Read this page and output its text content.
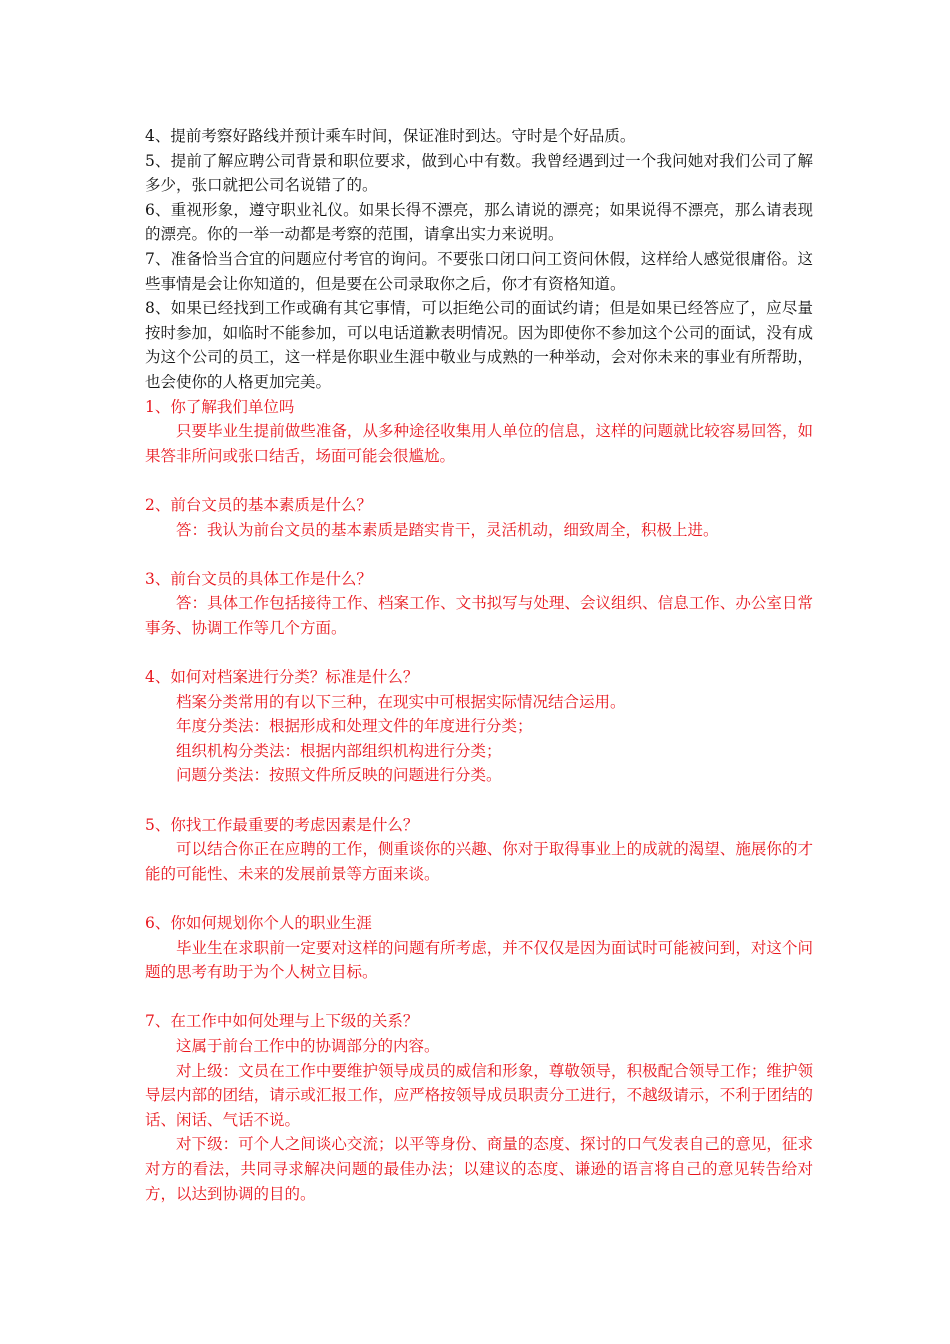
4、提前考察好路线并预计乘车时间，保证准时到达。守时是个好品质。

5、提前了解应聘公司背景和职位要求，做到心中有数。我曾经遇到过一个我问她对我们公司了解多少，张口就把公司名说错了的。

6、重视形象，遵守职业礼仪。如果长得不漂亮，那么请说的漂亮；如果说得不漂亮，那么请表现的漂亮。你的一举一动都是考察的范围，请拿出实力来说明。

7、准备恰当合宜的问题应付考官的询问。不要张口闭口问工资问休假，这样给人感觉很庸俗。这些事情是会让你知道的，但是要在公司录取你之后，你才有资格知道。

8、如果已经找到工作或确有其它事情，可以拒绝公司的面试约请；但是如果已经答应了，应尽量按时参加，如临时不能参加，可以电话道歉表明情况。因为即使你不参加这个公司的面试，没有成为这个公司的员工，这一样是你职业生涯中敬业与成熟的一种举动，会对你未来的事业有所帮助，也会使你的人格更加完美。

1、你了解我们单位吗

只要毕业生提前做些准备，从多种途径收集用人单位的信息，这样的问题就比较容易回答，如果答非所问或张口结舌，场面可能会很尴尬。

2、前台文员的基本素质是什么？

答：我认为前台文员的基本素质是踏实肯干，灵活机动，细致周全，积极上进。

3、前台文员的具体工作是什么？

答：具体工作包括接待工作、档案工作、文书拟写与处理、会议组织、信息工作、办公室日常事务、协调工作等几个方面。

4、如何对档案进行分类？标准是什么？

档案分类常用的有以下三种，在现实中可根据实际情况结合运用。

年度分类法：根据形成和处理文件的年度进行分类；

组织机构分类法：根据内部组织机构进行分类；

问题分类法：按照文件所反映的问题进行分类。

5、你找工作最重要的考虑因素是什么？

可以结合你正在应聘的工作，侧重谈你的兴趣、你对于取得事业上的成就的渴望、施展你的才能的可能性、未来的发展前景等方面来谈。

6、你如何规划你个人的职业生涯

毕业生在求职前一定要对这样的问题有所考虑，并不仅仅是因为面试时可能被问到，对这个问题的思考有助于为个人树立目标。

7、在工作中如何处理与上下级的关系？

这属于前台工作中的协调部分的内容。

对上级：文员在工作中要维护领导成员的威信和形象，尊敬领导，积极配合领导工作；维护领导层内部的团结，请示或汇报工作，应严格按领导成员职责分工进行，不越级请示，不利于团结的话、闲话、气话不说。

对下级：可个人之间谈心交流；以平等身份、商量的态度、探讨的口气发表自己的意见，征求对方的看法，共同寻求解决问题的最佳办法；以建议的态度、谦逊的语言将自己的意见转告给对方，以达到协调的目的。
